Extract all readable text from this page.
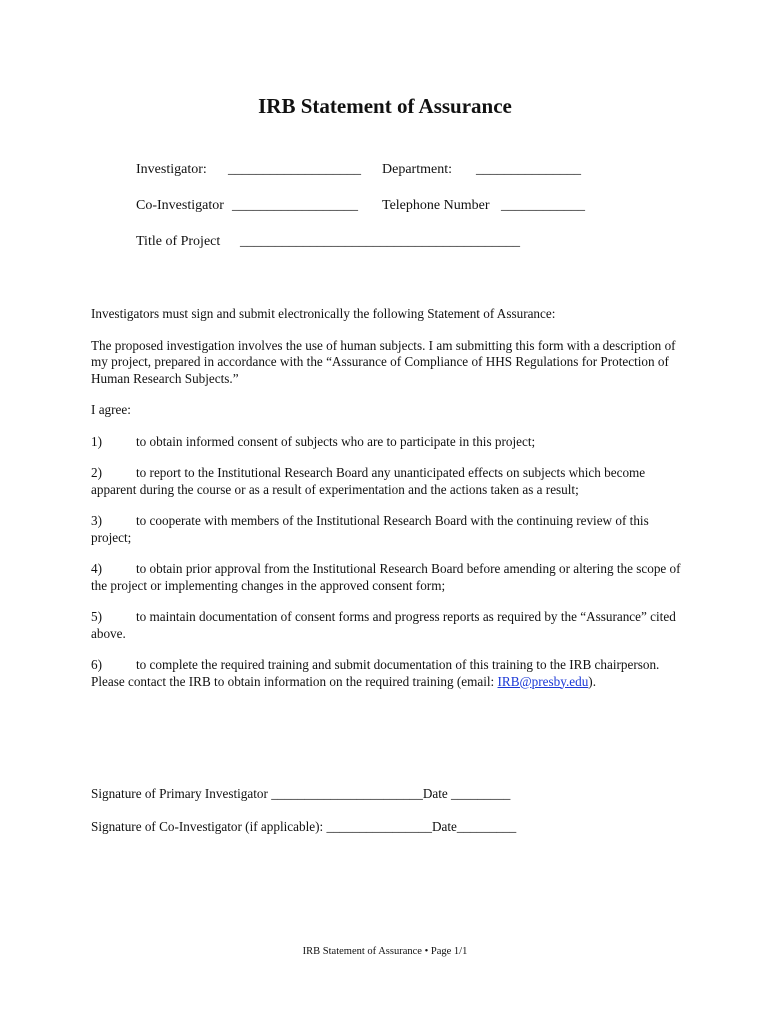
IRB Statement of Assurance
Investigator: ___________________ Department: _______________
Co-Investigator __________________ Telephone Number ____________
Title of Project ________________________________________

Investigators must sign and submit electronically the following Statement of Assurance:

The proposed investigation involves the use of human subjects. I am submitting this form with a description of my project, prepared in accordance with the “Assurance of Compliance of HHS Regulations for Protection of Human Research Subjects.”

I agree:

1)	to obtain informed consent of subjects who are to participate in this project;
2)	to report to the Institutional Research Board any unanticipated effects on subjects which become apparent during the course or as a result of experimentation and the actions taken as a result;
3)	to cooperate with members of the Institutional Research Board with the continuing review of this project;
4)	to obtain prior approval from the Institutional Research Board before amending or altering the scope of the project or implementing changes in the approved consent form;
5)	to maintain documentation of consent forms and progress reports as required by the “Assurance” cited above.
6)	to complete the required training and submit documentation of this training to the IRB chairperson. Please contact the IRB to obtain information on the required training (email: IRB@presby.edu).
Signature of Primary Investigator _______________________Date _________
Signature of Co-Investigator (if applicable): ________________Date_________
IRB Statement of Assurance • Page 1/1
